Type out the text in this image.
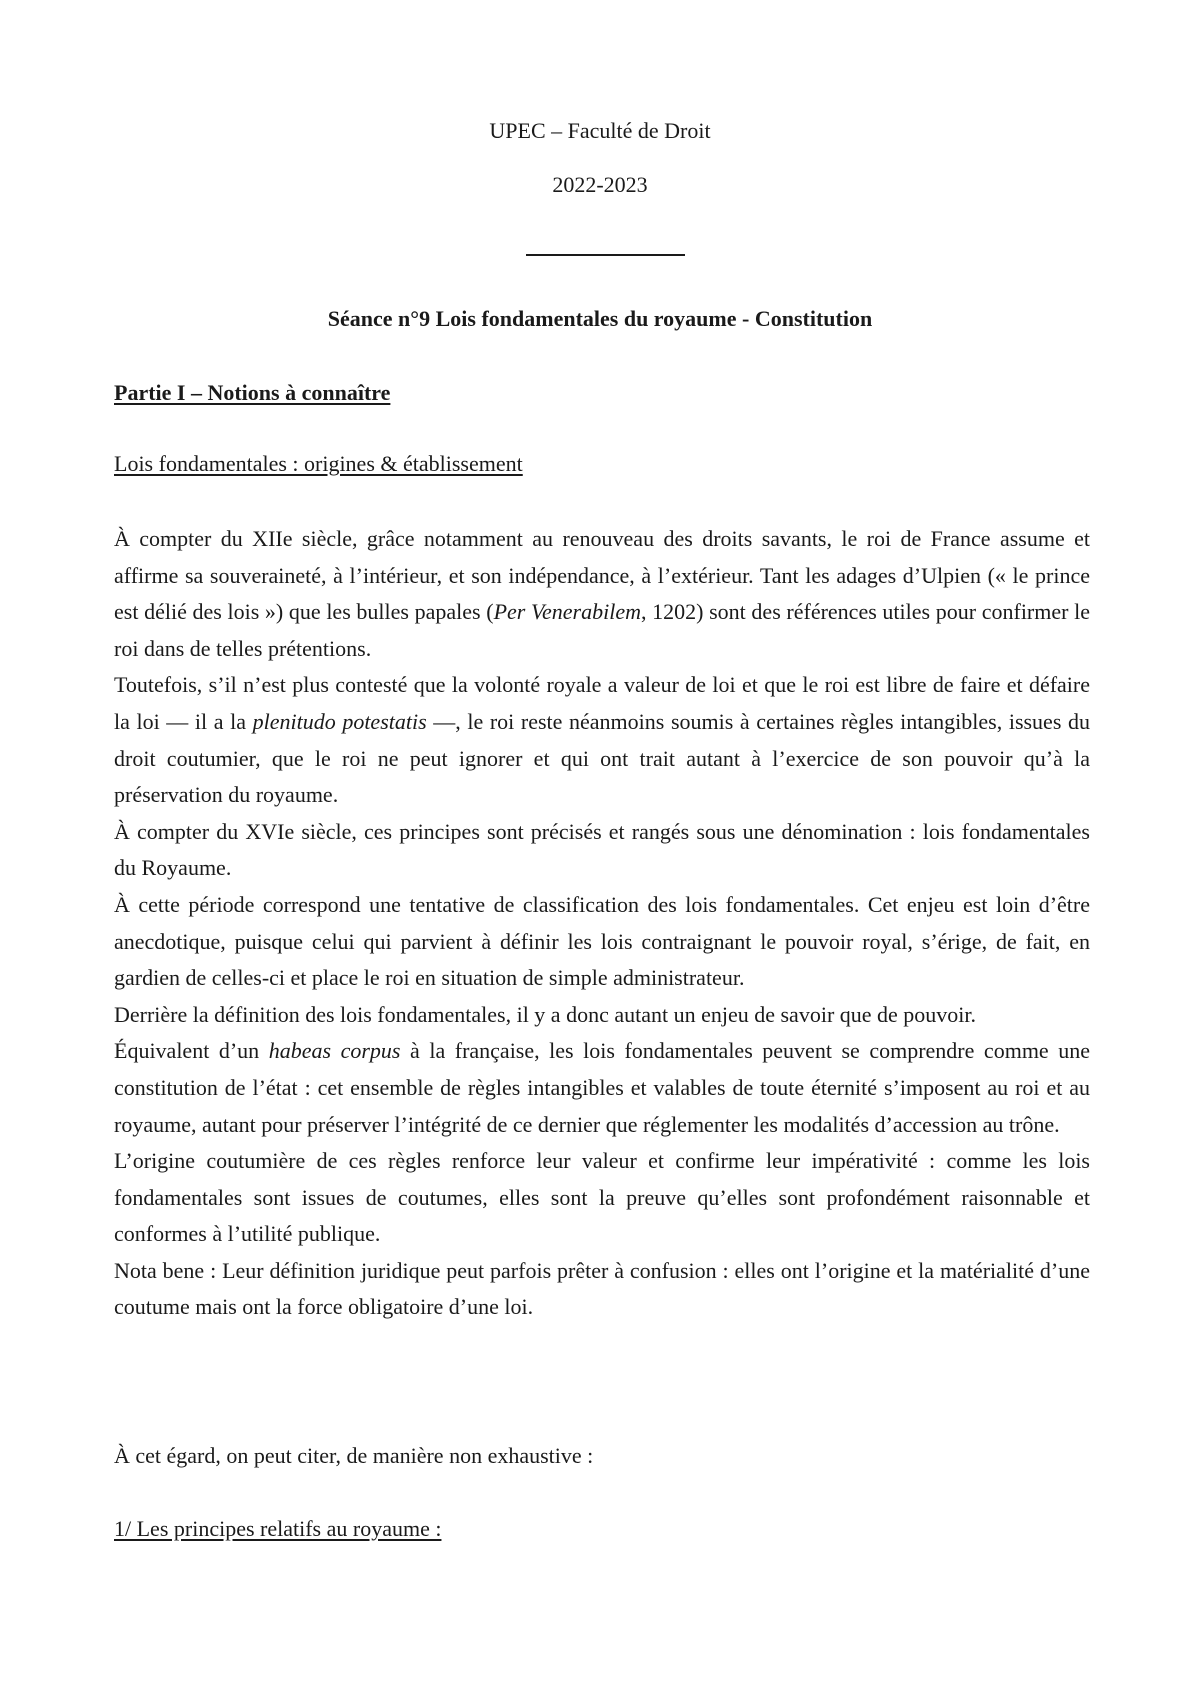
UPEC – Faculté de Droit
2022-2023
Séance n°9 Lois fondamentales du royaume - Constitution
Partie I – Notions à connaître
Lois fondamentales : origines & établissement

À compter du XIIe siècle, grâce notamment au renouveau des droits savants, le roi de France assume et affirme sa souveraineté, à l’intérieur, et son indépendance, à l’extérieur. Tant les adages d’Ulpien (« le prince est délié des lois ») que les bulles papales (Per Venerabilem, 1202) sont des références utiles pour confirmer le roi dans de telles prétentions.

Toutefois, s’il n’est plus contesté que la volonté royale a valeur de loi et que le roi est libre de faire et défaire la loi — il a la plenitudo potestatis —, le roi reste néanmoins soumis à certaines règles intangibles, issues du droit coutumier, que le roi ne peut ignorer et qui ont trait autant à l’exercice de son pouvoir qu’à la préservation du royaume.

À compter du XVIe siècle, ces principes sont précisés et rangés sous une dénomination : lois fondamentales du Royaume.

À cette période correspond une tentative de classification des lois fondamentales. Cet enjeu est loin d’être anecdotique, puisque celui qui parvient à définir les lois contraignant le pouvoir royal, s’érige, de fait, en gardien de celles-ci et place le roi en situation de simple administrateur.

Derrière la définition des lois fondamentales, il y a donc autant un enjeu de savoir que de pouvoir.

Équivalent d’un habeas corpus à la française, les lois fondamentales peuvent se comprendre comme une constitution de l’état : cet ensemble de règles intangibles et valables de toute éternité s’imposent au roi et au royaume, autant pour préserver l’intégrité de ce dernier que réglementer les modalités d’accession au trône.

L’origine coutumière de ces règles renforce leur valeur et confirme leur impérativité : comme les lois fondamentales sont issues de coutumes, elles sont la preuve qu’elles sont profondément raisonnable et conformes à l’utilité publique.

Nota bene : Leur définition juridique peut parfois prêter à confusion : elles ont l’origine et la matérialité d’une coutume mais ont la force obligatoire d’une loi.

À cet égard, on peut citer, de manière non exhaustive :
1/ Les principes relatifs au royaume :
